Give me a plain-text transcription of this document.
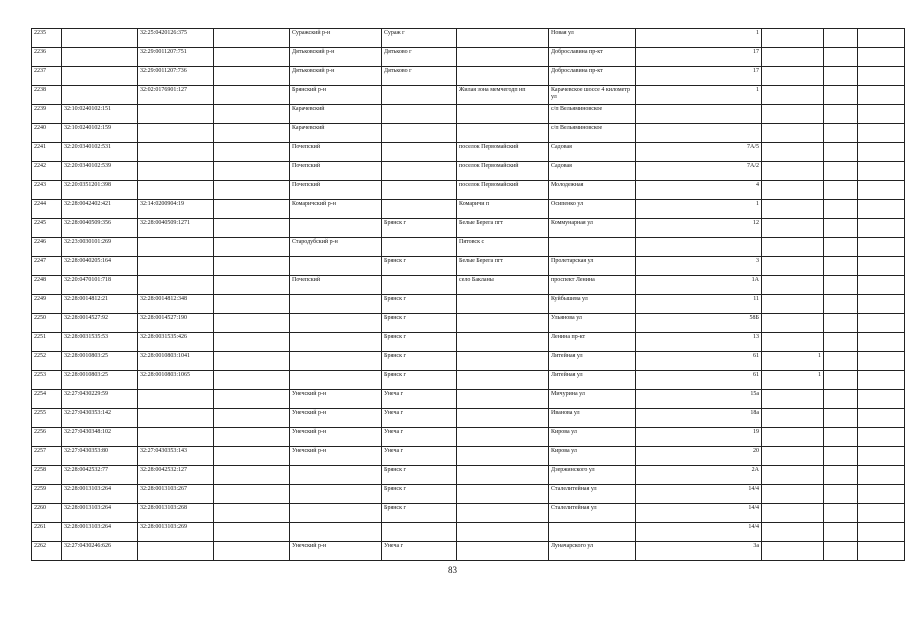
2235		32:25:0420126:375		Суражский р-н	Сураж г		Новая ул	1			
2236		32:29:0011207:751		Дятьковский р-н	Дятьково г		Доброславина пр-кт	17			
2237		32:29:0011207:736		Дятьковский р-н	Дятьково г		Доброславина пр-кт	17			
2238		32:02:0176901:127		Брянский р-н		Жилая зона мемчегодп нп	Карачевское шоссе 4 километр ул	1			
2239	32:10:0240102:151			Карачевский			с/п Вельяминовское				
2240	32:10:0240102:159			Карачевский			с/п Вельяминовское				
2241	32:20:0340102:531			Почепский		поселок Первомайский	Садовая	7А/5			
2242	32:20:0340102:539			Почепский		поселок Первомайский	Садовая	7А/2			
2243	32:20:0351201:398			Почепский		поселок Первомайский	Молодежная	4			
2244	32:28:0042402:421	32:14:0200904:19		Комаричский р-н		Комаричи п	Осипенко ул	1			
2245	32:28:0040509:356	32:28:0040509:1271			Брянск г	Белые Берега пгт	Коммунарная ул	12			
2246	32:23:0030101:269			Стародубский р-н		Пятовск с					
2247	32:28:0040205:164				Брянск г	Белые Берега пгт	Пролетарская ул	3			
2248	32:20:0470101:718			Почепский		село Бакланы	проспект Ленина	1А			
2249	32:28:0014812:21	32:28:0014812:348			Брянск г		Куйбышева ул	11			
2250	32:28:0014527:92	32:28:0014527:190			Брянск г		Ульянова ул	58Б			
2251	32:28:0031535:53	32:28:0031535:426			Брянск г		Ленина пр-кт	13			
2252	32:28:0010803:25	32:28:0010803:1041			Брянск г		Литейная ул	61	1		
2253	32:28:0010803:25	32:28:0010803:1065			Брянск г		Литейная ул	61	1		
2254	32:27:0430229:59			Унечский р-н	Унеча г		Мичурина ул	15а			
2255	32:27:0430353:142			Унечский р-н	Унеча г		Иванова ул	18а			
2256	32:27:0430348:102			Унечский р-н	Унеча г		Кирова ул	19			
2257	32:27:0430353:80	32:27:0430353:143		Унечский р-н	Унеча г		Кирова ул	20			
2258	32:28:0042532:77	32:28:0042532:127			Брянск г		Дзержинского ул	2А			
2259	32:28:0013103:264	32:28:0013103:267			Брянск г		Сталелитейная ул	14/4			
2260	32:28:0013103:264	32:28:0013103:268			Брянск г		Сталелитейная ул	14/4			
2261	32:28:0013103:264	32:28:0013103:269						14/4			
2262	32:27:0430246:626			Унечский р-н	Унеча г		Луначарского ул	3а			
83
